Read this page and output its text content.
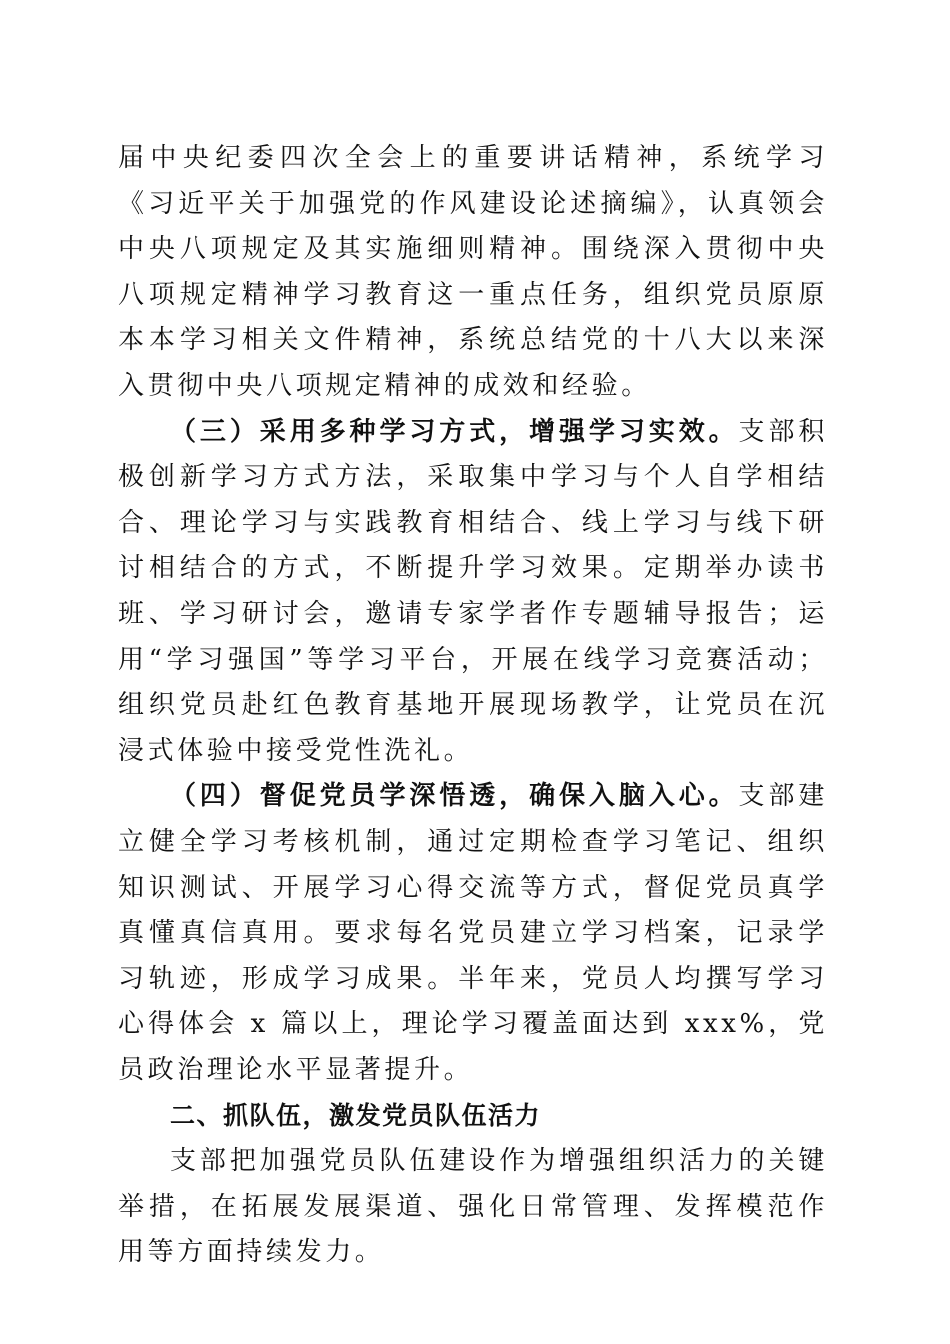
届中央纪委四次全会上的重要讲话精神，系统学习《习近平关于加强党的作风建设论述摘编》，认真领会中央八项规定及其实施细则精神。围绕深入贯彻中央八项规定精神学习教育这一重点任务，组织党员原原本本学习相关文件精神，系统总结党的十八大以来深入贯彻中央八项规定精神的成效和经验。

（三）采用多种学习方式，增强学习实效。支部积极创新学习方式方法，采取集中学习与个人自学相结合、理论学习与实践教育相结合、线上学习与线下研讨相结合的方式，不断提升学习效果。定期举办读书班、学习研讨会，邀请专家学者作专题辅导报告；运用“学习强国”等学习平台，开展在线学习竞赛活动；组织党员赴红色教育基地开展现场教学，让党员在沉浸式体验中接受党性洗礼。

（四）督促党员学深悟透，确保入脑入心。支部建立健全学习考核机制，通过定期检查学习笔记、组织知识测试、开展学习心得交流等方式，督促党员真学真懂真信真用。要求每名党员建立学习档案，记录学习轨迹，形成学习成果。半年来，党员人均撰写学习心得体会 x 篇以上，理论学习覆盖面达到 xxx%，党员政治理论水平显著提升。

二、抓队伍，激发党员队伍活力

支部把加强党员队伍建设作为增强组织活力的关键举措，在拓展发展渠道、强化日常管理、发挥模范作用等方面持续发力。
